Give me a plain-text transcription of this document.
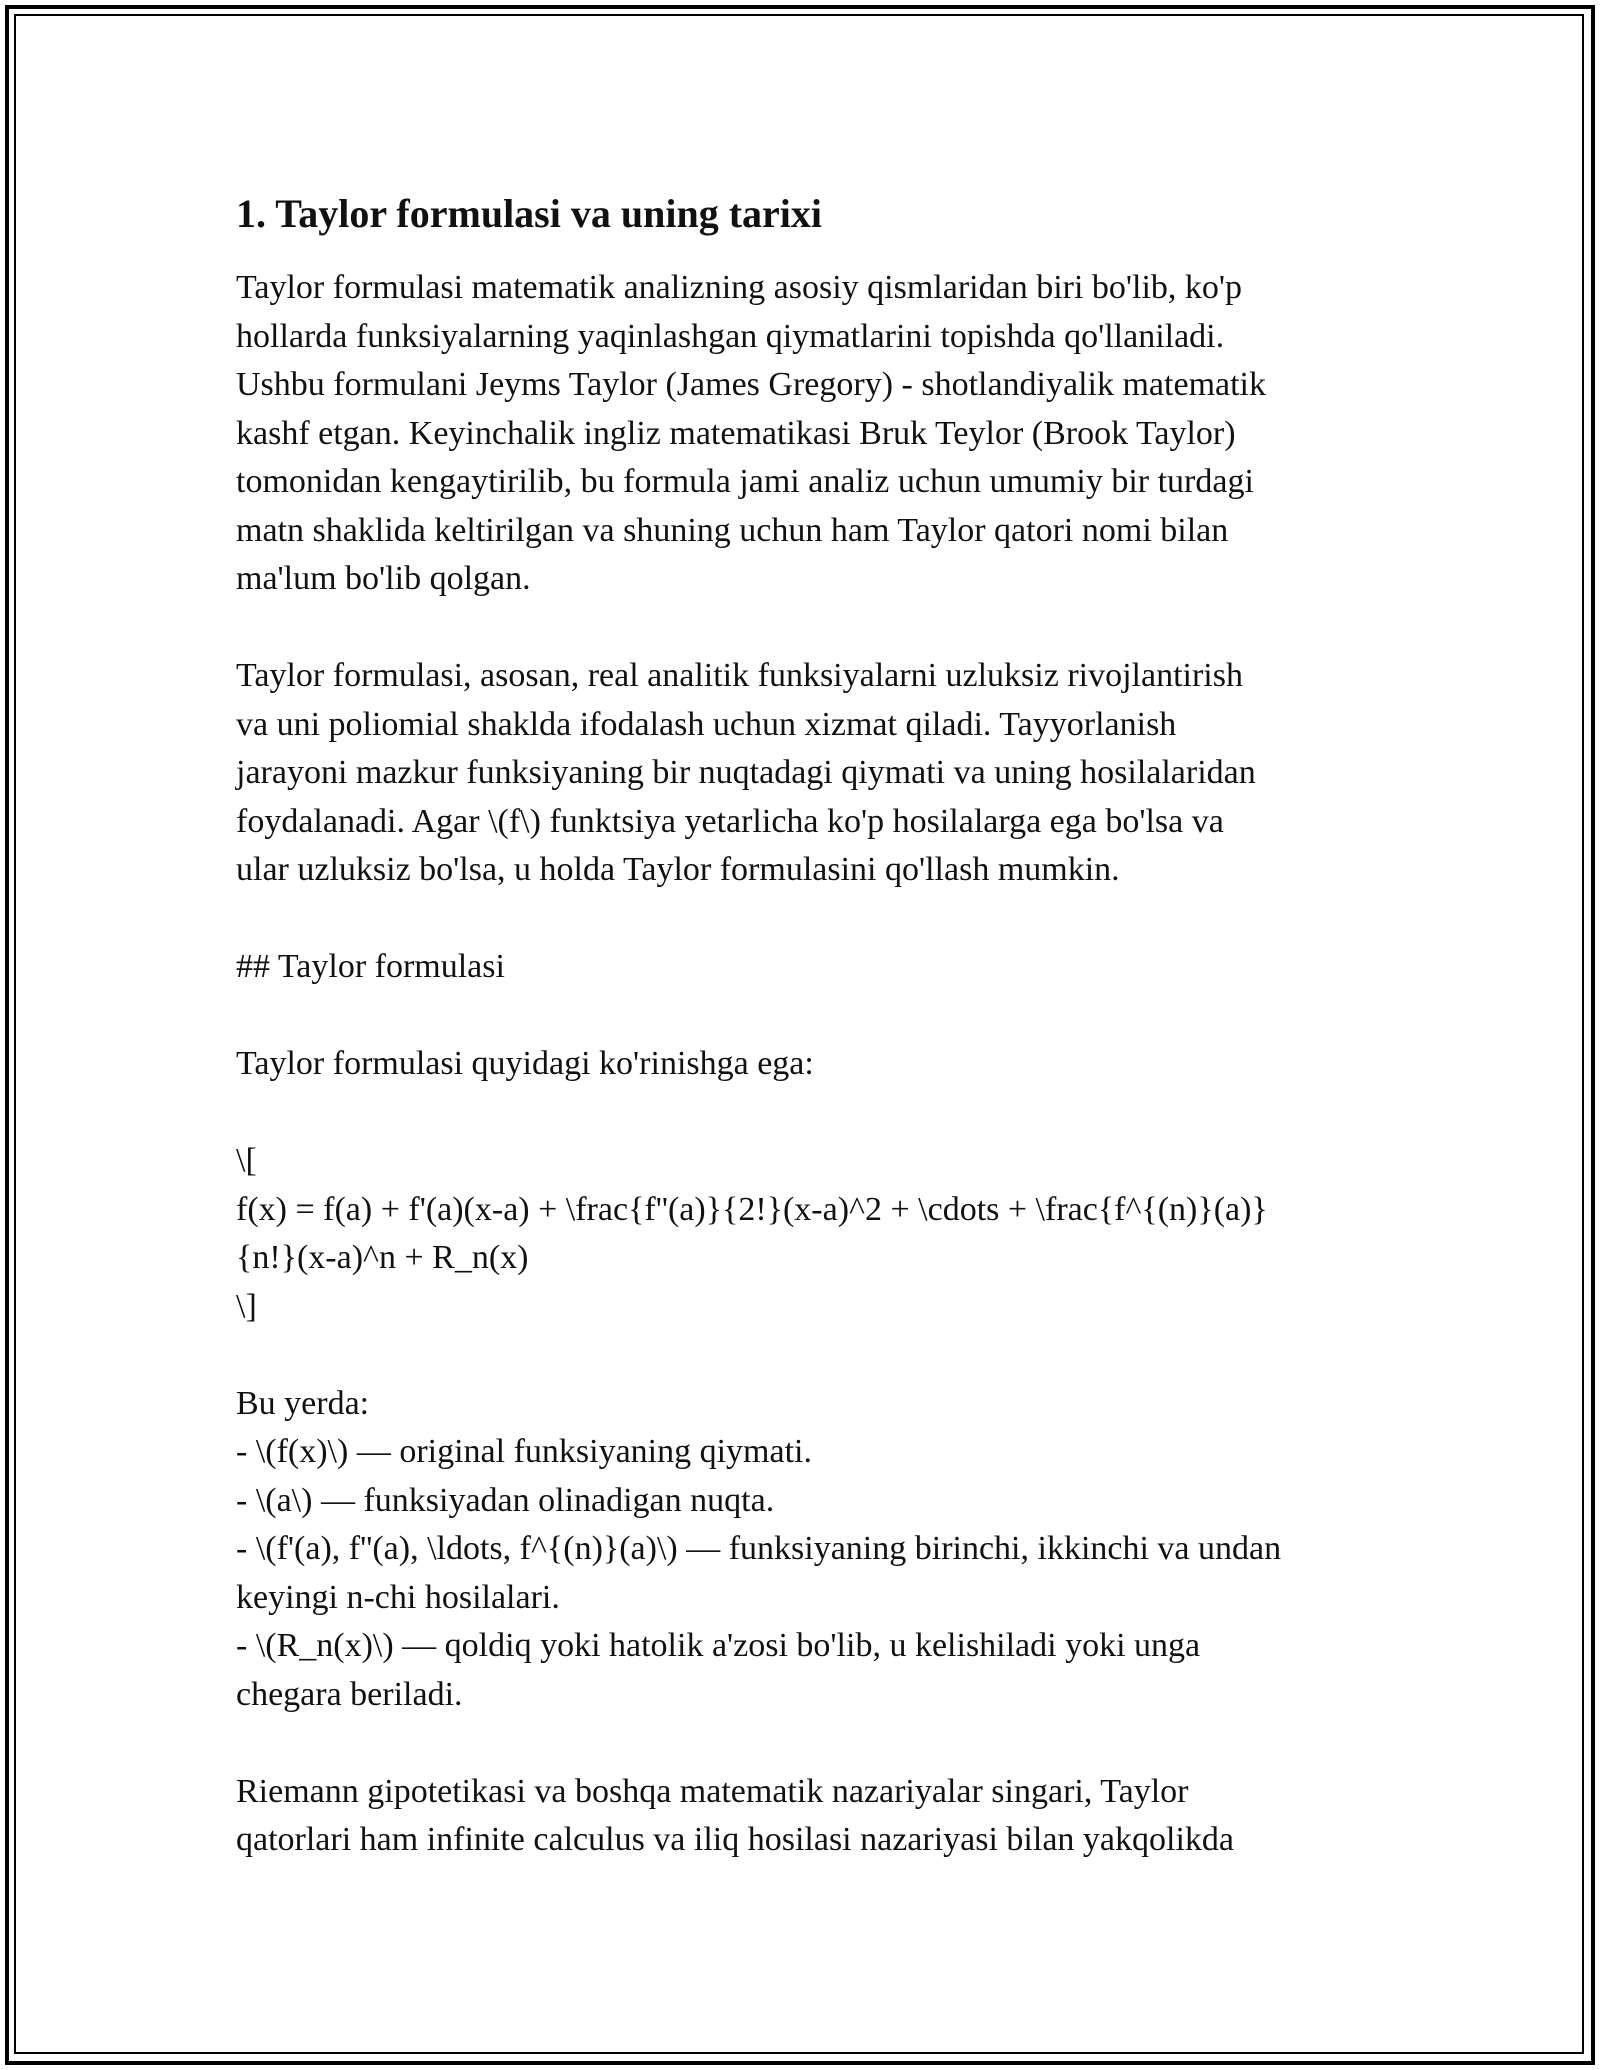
1. Taylor formulasi va uning tarixi

Taylor formulasi matematik analizning asosiy qismlaridan biri bo'lib, ko'p

hollarda funksiyalarning yaqinlashgan qiymatlarini topishda qo'llaniladi.

Ushbu formulani Jeyms Taylor (James Gregory) - shotlandiyalik matematik

kashf etgan. Keyinchalik ingliz matematikasi Bruk Teylor (Brook Taylor)

tomonidan kengaytirilib, bu formula jami analiz uchun umumiy bir turdagi

matn shaklida keltirilgan va shuning uchun ham Taylor qatori nomi bilan

ma'lum bo'lib qolgan.

Taylor formulasi, asosan, real analitik funksiyalarni uzluksiz rivojlantirish

va uni poliomial shakldа ifodalash uchun xizmat qiladi. Tayyorlanish

jarayoni mazkur funksiyaning bir nuqtadagi qiymati va uning hosilalaridan

foydalanadi. Agar \(f\) funktsiya yetarlicha ko'p hosilalarga ega bo'lsa va

ular uzluksiz bo'lsa, u holda Taylor formulasini qo'llash mumkin.

## Taylor formulasi

Taylor formulasi quyidagi ko'rinishga ega:

\[

f(x) = f(a) + f'(a)(x-a) + \frac{f''(a)}{2!}(x-a)^2 + \cdots + \frac{f^{(n)}(a)}

{n!}(x-a)^n + R_n(x)

\]

Bu yerda:

- \(f(x)\) — original funksiyaning qiymati.

- \(a\) — funksiyadan olinadigan nuqta.

- \(f'(a), f''(a), \ldots, f^{(n)}(a)\) — funksiyaning birinchi, ikkinchi va undan

keyingi n-chi hosilalari.

- \(R_n(x)\) — qoldiq yoki hatolik a'zosi bo'lib, u kelishiladi yoki unga

chegara beriladi.

Riemann gipotetikasi va boshqa matematik nazariyalar singari, Taylor

qatorlari ham infinite calculus va iliq hosilasi nazariyasi bilan yakqolikda
